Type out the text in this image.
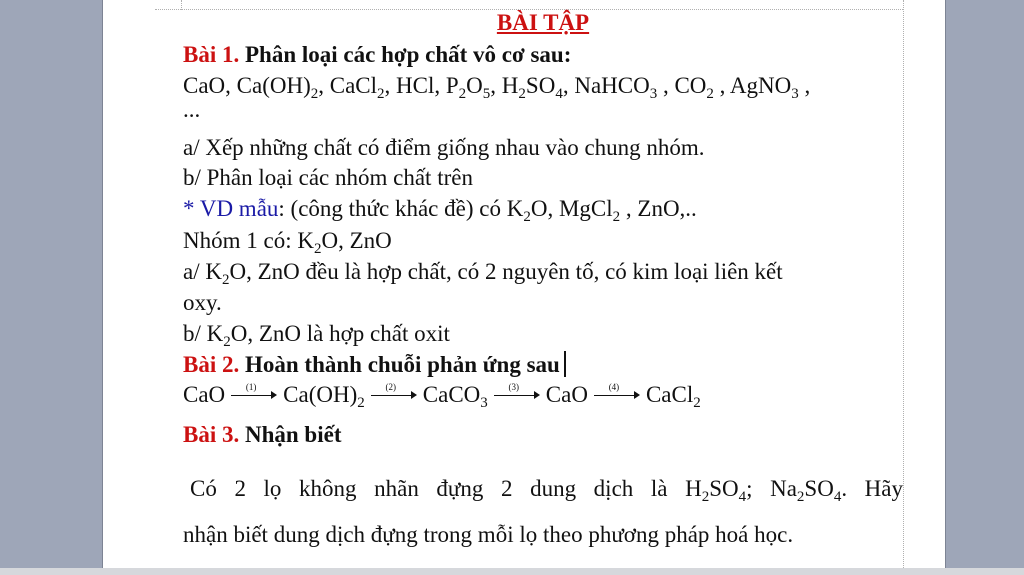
BÀI TẬP
Bài 1. Phân loại các hợp chất vô cơ sau:
CaO, $Ca(OH)_2$, CaCl$_2$, HCl, $P_2O_5$, $H_2SO_4$, NaHCO$_3$ , $CO_2$ , AgNO$_3$ ,
...
a/ Xếp những chất có điểm giống nhau vào chung nhóm.
b/ Phân loại các nhóm chất trên
* VD mẫu: (công thức khác đề) có $K_2O$, MgCl$_2$ , ZnO,..
Nhóm 1 có: $K_2O$, ZnO
a/ $K_2O$, ZnO đều là hợp chất, có 2 nguyên tố, có kim loại liên kết
oxy.
b/ $K_2O$, ZnO là hợp chất oxit
Bài 2. Hoàn thành chuỗi phản ứng sau
CaO	(1)	$Ca(OH)_2$
(2)	CaCO$_3$
(3)	CaO	(4)	CaCl$_2$
Bài 3. Nhận biết
Có 2 lọ không nhãn đựng 2 dung dịch là $H_2SO_4$; $Na_2SO_4$. Hãy
nhận biết dung dịch đựng trong mỗi lọ theo phương pháp hoá học.
